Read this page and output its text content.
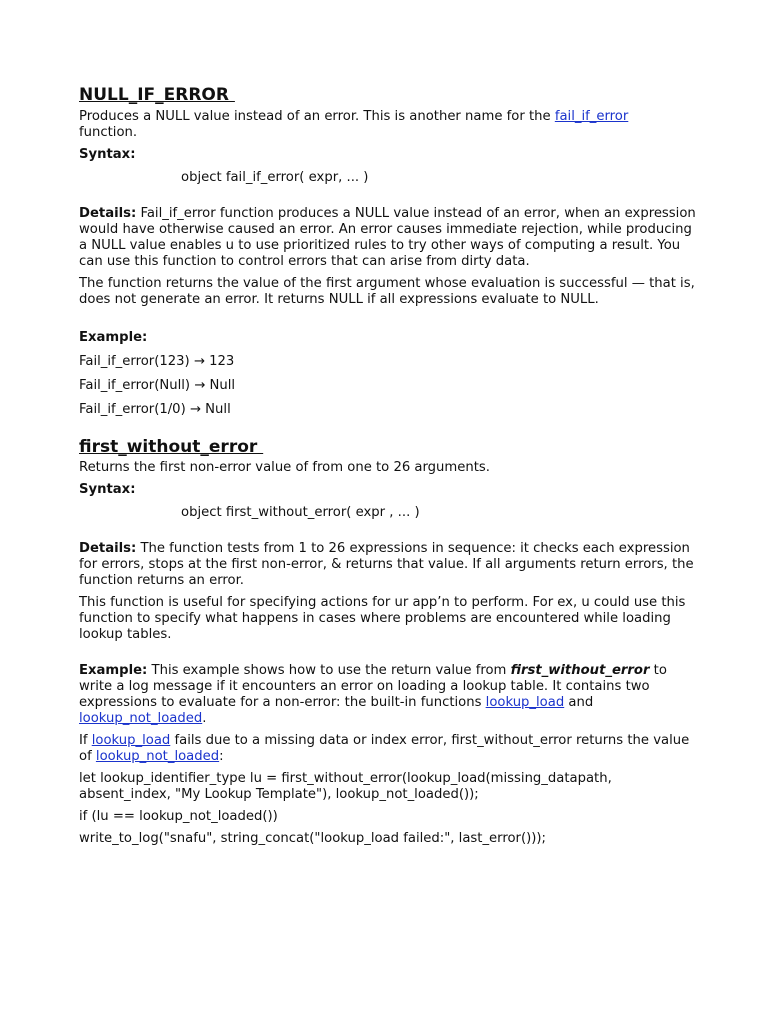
NULL_IF_ERROR

Produces a NULL value instead of an error. This is another name for the fail_if_error
function.

Syntax:

object fail_if_error( expr, ... )

Details: Fail_if_error function produces a NULL value instead of an error, when an expression would have otherwise caused an error. An error causes immediate rejection, while producing a NULL value enables u to use prioritized rules to try other ways of computing a result. You can use this function to control errors that can arise from dirty data.

The function returns the value of the first argument whose evaluation is successful — that is, does not generate an error. It returns NULL if all expressions evaluate to NULL.

Example:

Fail_if_error(123) → 123

Fail_if_error(Null) → Null

Fail_if_error(1/0) → Null

first_without_error

Returns the first non-error value of from one to 26 arguments.

Syntax:

object first_without_error( expr , ... )

Details: The function tests from 1 to 26 expressions in sequence: it checks each expression for errors, stops at the first non-error, & returns that value. If all arguments return errors, the function returns an error.

This function is useful for specifying actions for ur app’n to perform. For ex, u could use this function to specify what happens in cases where problems are encountered while loading lookup tables.

Example: This example shows how to use the return value from first_without_error to write a log message if it encounters an error on loading a lookup table. It contains two expressions to evaluate for a non-error: the built-in functions lookup_load and
lookup_not_loaded.

If lookup_load fails due to a missing data or index error, first_without_error returns the value of lookup_not_loaded:

let lookup_identifier_type lu = first_without_error(lookup_load(missing_datapath, absent_index, "My Lookup Template"), lookup_not_loaded());

if (lu == lookup_not_loaded())

write_to_log("snafu", string_concat("lookup_load failed:", last_error()));
